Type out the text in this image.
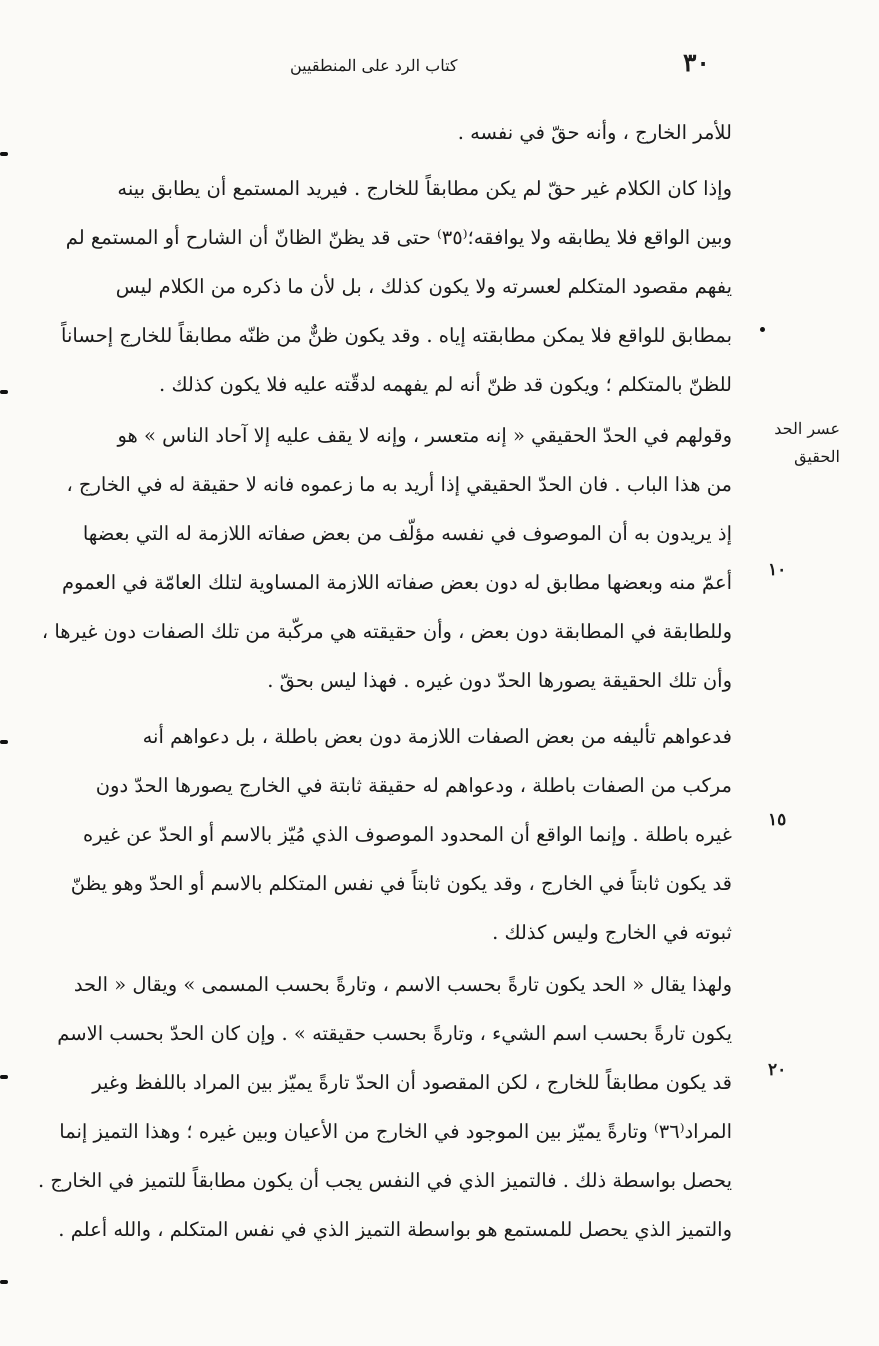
٣٠
كتاب الرد على المنطقيين
عسر الحد الحقيق
١٠
١٥
٢٠
للأمر الخارج ، وأنه حقّ في نفسه .
وإذا كان الكلام غير حقّ لم يكن مطابقاً للخارج . فيريد المستمع أن يطابق بينه
وبين الواقع فلا يطابقه ولا يوافقه؛⁽٣٥⁾ حتى قد يظنّ الظانّ أن الشارح أو المستمع لم
يفهم مقصود المتكلم لعسرته ولا يكون كذلك ، بل لأن ما ذكره من الكلام ليس
بمطابق للواقع فلا يمكن مطابقته إياه . وقد يكون ظنٌّ من ظنّه مطابقاً للخارج إحساناً
للظنّ بالمتكلم ؛ ويكون قد ظنّ أنه لم يفهمه لدقّته عليه فلا يكون كذلك .
وقولهم في الحدّ الحقيقي « إنه متعسر ، وإنه لا يقف عليه إلا آحاد الناس » هو
من هذا الباب . فان الحدّ الحقيقي إذا أريد به ما زعموه فانه لا حقيقة له في الخارج ،
إذ يريدون به أن الموصوف في نفسه مؤلّف من بعض صفاته اللازمة له التي بعضها
أعمّ منه وبعضها مطابق له دون بعض صفاته اللازمة المساوية لتلك العامّة في العموم
وللطابقة في المطابقة دون بعض ، وأن حقيقته هي مركّبة من تلك الصفات دون غيرها ،
وأن تلك الحقيقة يصورها الحدّ دون غيره . فهذا ليس بحقّ .
فدعواهم تأليفه من بعض الصفات اللازمة دون بعض باطلة ، بل دعواهم أنه
مركب من الصفات باطلة ، ودعواهم له حقيقة ثابتة في الخارج يصورها الحدّ دون
غيره باطلة . وإنما الواقع أن المحدود الموصوف الذي مُيّز بالاسم أو الحدّ عن غيره
قد يكون ثابتاً في الخارج ، وقد يكون ثابتاً في نفس المتكلم بالاسم أو الحدّ وهو يظنّ
ثبوته في الخارج وليس كذلك .
ولهذا يقال « الحد يكون تارةً بحسب الاسم ، وتارةً بحسب المسمى » ويقال « الحد
يكون تارةً بحسب اسم الشيء ، وتارةً بحسب حقيقته » . وإن كان الحدّ بحسب الاسم
قد يكون مطابقاً للخارج ، لكن المقصود أن الحدّ تارةً يميّز بين المراد باللفظ وغير
المراد⁽٣٦⁾ وتارةً يميّز بين الموجود في الخارج من الأعيان وبين غيره ؛ وهذا التميز إنما
يحصل بواسطة ذلك . فالتميز الذي في النفس يجب أن يكون مطابقاً للتميز في الخارج .
والتميز الذي يحصل للمستمع هو بواسطة التميز الذي في نفس المتكلم ، والله أعلم .
